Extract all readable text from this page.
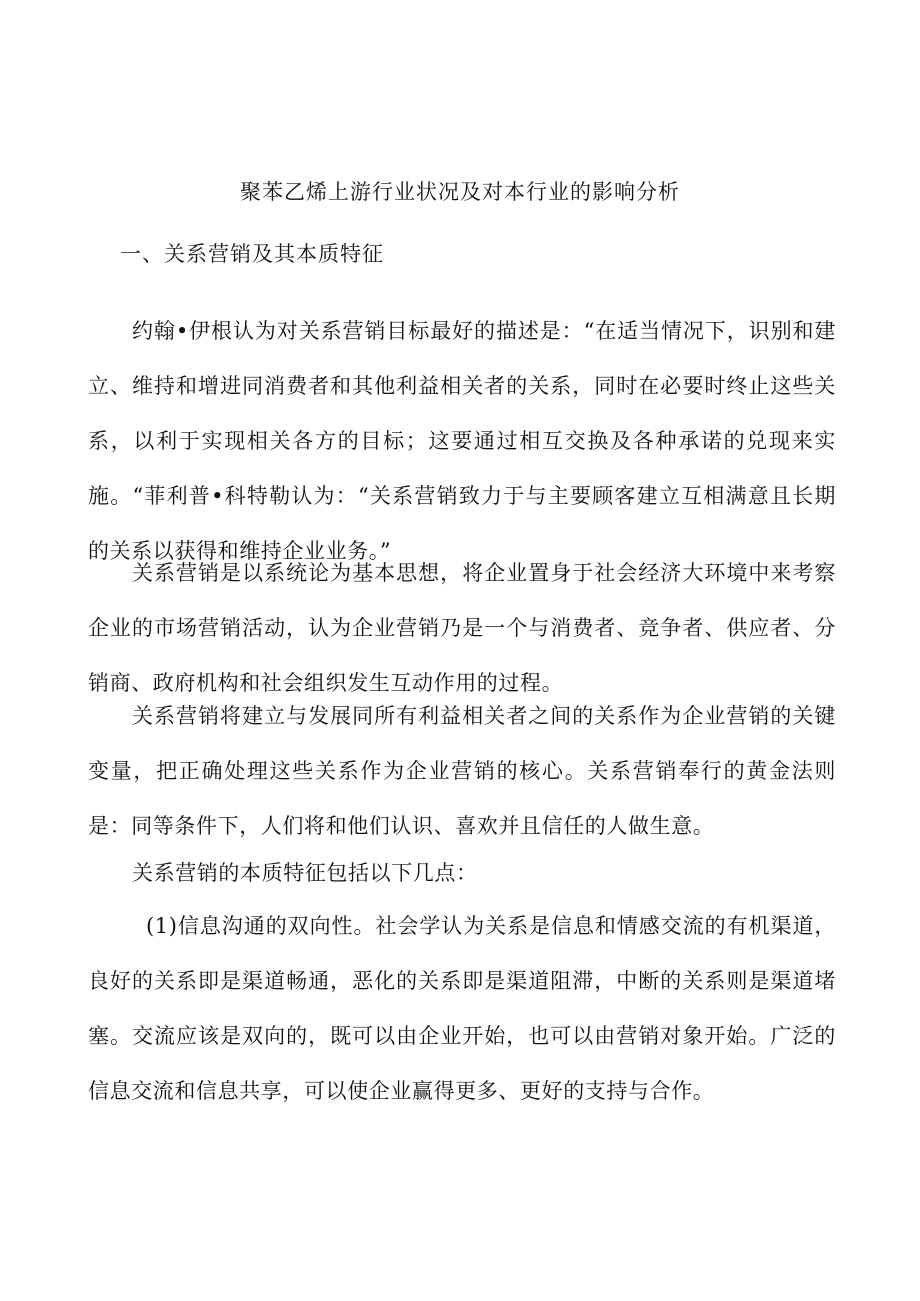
聚苯乙烯上游行业状况及对本行业的影响分析
一、关系营销及其本质特征

约翰•伊根认为对关系营销目标最好的描述是：“在适当情况下，识别和建立、维持和增进同消费者和其他利益相关者的关系，同时在必要时终止这些关系，以利于实现相关各方的目标；这要通过相互交换及各种承诺的兑现来实施。“菲利普•科特勒认为：“关系营销致力于与主要顾客建立互相满意且长期的关系以获得和维持企业业务。”

关系营销是以系统论为基本思想，将企业置身于社会经济大环境中来考察企业的市场营销活动，认为企业营销乃是一个与消费者、竞争者、供应者、分销商、政府机构和社会组织发生互动作用的过程。

关系营销将建立与发展同所有利益相关者之间的关系作为企业营销的关键变量，把正确处理这些关系作为企业营销的核心。关系营销奉行的黄金法则是：同等条件下，人们将和他们认识、喜欢并且信任的人做生意。

关系营销的本质特征包括以下几点：

(1)信息沟通的双向性。社会学认为关系是信息和情感交流的有机渠道，良好的关系即是渠道畅通，恶化的关系即是渠道阻滞，中断的关系则是渠道堵塞。交流应该是双向的，既可以由企业开始，也可以由营销对象开始。广泛的信息交流和信息共享，可以使企业赢得更多、更好的支持与合作。
